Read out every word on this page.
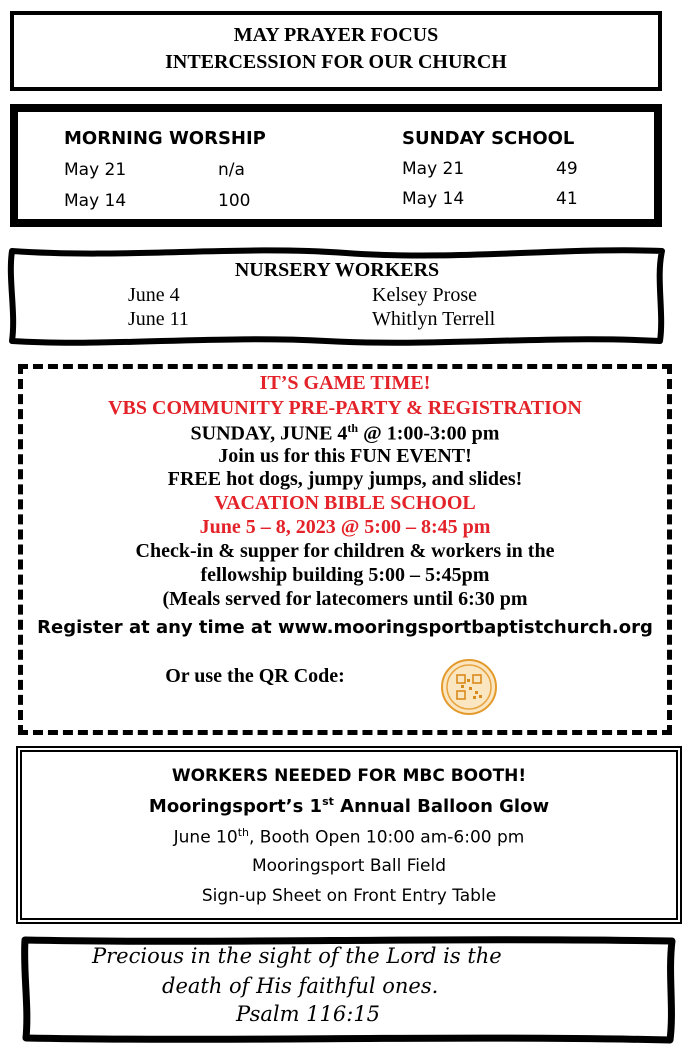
MAY PRAYER FOCUS
INTERCESSION FOR OUR CHURCH
MORNING WORSHIP
May 21	n/a
May 14	100
SUNDAY SCHOOL
May 21	49
May 14	41
NURSERY WORKERS
June 4	Kelsey Prose
June 11	Whitlyn Terrell
IT’S GAME TIME!
VBS COMMUNITY PRE-PARTY & REGISTRATION
SUNDAY, JUNE 4th @ 1:00-3:00 pm
Join us for this FUN EVENT!
FREE hot dogs, jumpy jumps, and slides!
VACATION BIBLE SCHOOL
June 5 – 8, 2023 @ 5:00 – 8:45 pm
Check-in & supper for children & workers in the
fellowship building 5:00 – 5:45pm
(Meals served for latecomers until 6:30 pm
Register at any time at www.mooringsportbaptistchurch.org
Or use the QR Code:
WORKERS NEEDED FOR MBC BOOTH!
Mooringsport’s 1st Annual Balloon Glow
June 10th, Booth Open 10:00 am-6:00 pm
Mooringsport Ball Field
Sign-up Sheet on Front Entry Table
Precious in the sight of the Lord is the
death of His faithful ones.
Psalm 116:15
